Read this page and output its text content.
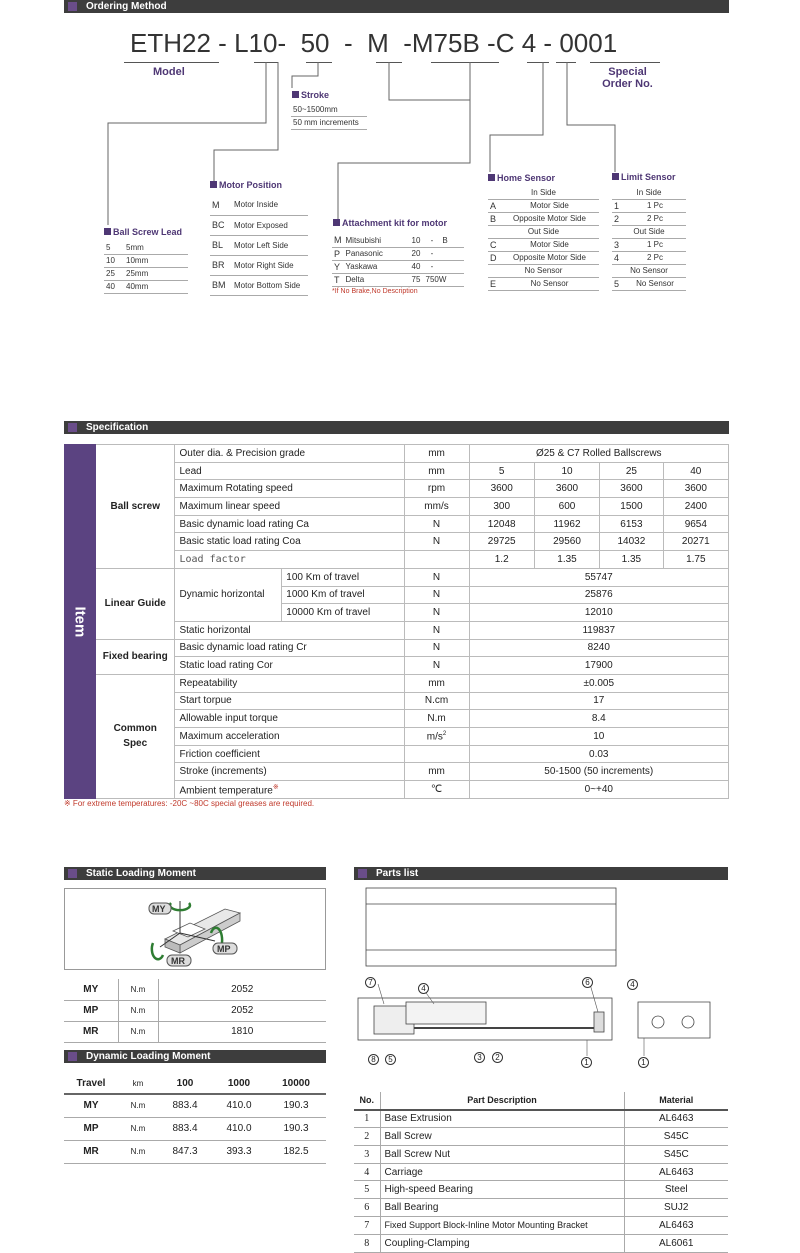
Ordering Method
ETH22 - L10- 50 - M -M75B -C 4 - 0001
Model	Special
Order No.
Stroke
50~1500mm
50 mm increments
Ball Screw Lead
5	5mm
10	10mm
25	25mm
40	40mm
Motor Position
M	Motor Inside
BC	Motor Exposed
BL	Motor Left Side
BR	Motor Right Side
BM	Motor Bottom Side
Attachment kit for motor
M	Mitsubishi	10	-	B
P	Panasonic	20	-	
Y	Yaskawa	40	-	
T	Delta	75	750W	
*If No Brake,No Description
Home Sensor
In Side	
A	Motor Side
B	Opposite Motor Side
Out Side	
C	Motor Side
D	Opposite Motor Side
No Sensor	
E	No Sensor
Limit Sensor
In Side	
1	1 Pc
2	2 Pc
Out Side	
3	1 Pc
4	2 Pc
No Sensor	
5	No Sensor
Specification
Item	Ball screw	Outer dia. & Precision grade		mm	Ø25 & C7 Rolled Ballscrews			
		Lead		mm	5	10	25	40
		Maximum Rotating speed		rpm	3600	3600	3600	3600
		Maximum linear speed		mm/s	300	600	1500	2400
		Basic dynamic load rating Ca		N	12048	11962	6153	9654
		Basic static load rating Coa		N	29725	29560	14032	20271
		Load factor			1.2	1.35	1.35	1.75
	Linear Guide	Dynamic horizontal	100 Km of travel	N	55747			
			1000 Km of travel	N	25876			
			10000 Km of travel	N	12010			
		Static horizontal		N	119837			
	Fixed bearing	Basic dynamic load rating Cr		N	8240			
		Static load rating Cor		N	17900			

	Common
Spec	Repeatability		mm	±0.005			
		Start torpue		N.cm	17			
		Allowable input torque		N.m	8.4			
		Maximum acceleration		$m/s^2$	10			
		Friction coefficient			0.03			
		Stroke (increments)		mm	50-1500 (50 increments)			
		Ambient temperature※		℃	0~+40			
※ For extreme temperatures: -20C ~80C special greases are required.
Static Loading Moment
MY
MP
MR
MY	N.m	2052
MP	N.m	2052
MR	N.m	1810
Dynamic Loading Moment
Travel	km	100	1000	10000
MY	N.m	883.4	410.0	190.3
MP	N.m	883.4	410.0	190.3
MR	N.m	847.3	393.3	182.5
Parts list
7
4
6	4
8	5	3	2
1	1
No.	Part Description	Material
1	Base Extrusion	AL6463
2	Ball Screw	S45C
3	Ball Screw Nut	S45C
4	Carriage	AL6463
5	High-speed Bearing	Steel
6	Ball Bearing	SUJ2
7	Fixed Support Block-Inline Motor Mounting Bracket	AL6463
8	Coupling-Clamping	AL6061
